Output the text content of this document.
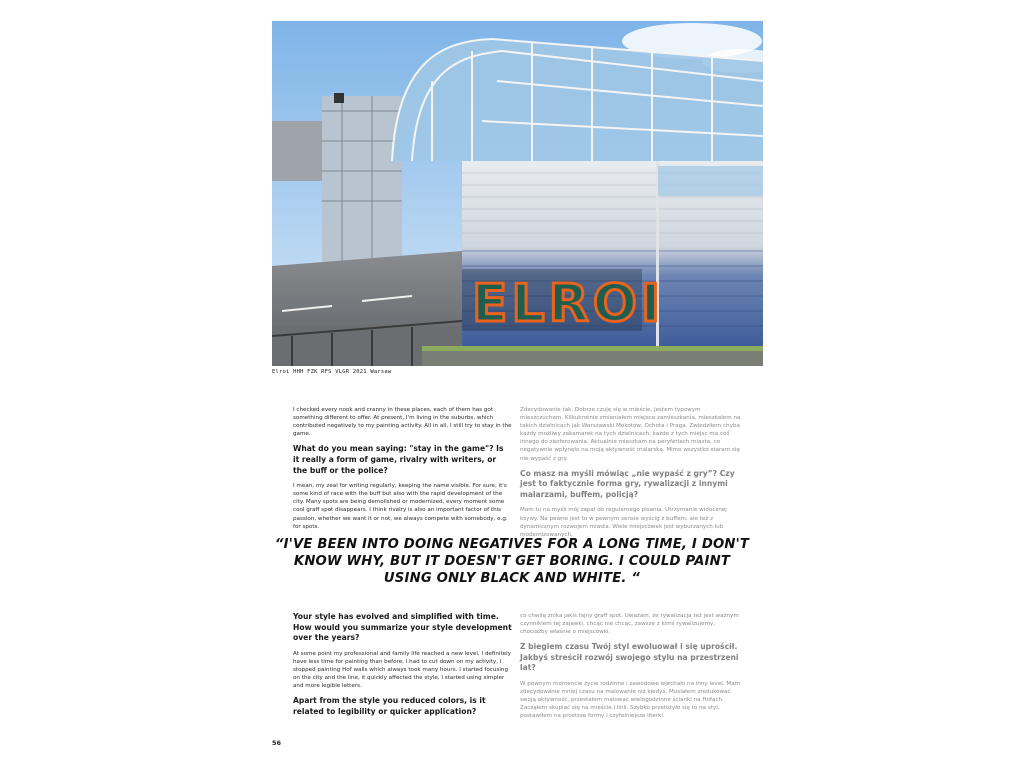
ELROI
Elroi HHH FZK RFS VLGR 2021 Warsaw

I checked every nook and cranny in these places, each of them has got something different to offer. At present, I'm living in the suburbs, which contributed negatively to my painting activity. All in all, I still try to stay in the game.

What do you mean saying: "stay in the game"? Is it really a form of game, rivalry with writers, or the buff or the police?

I mean, my zeal for writing regularly, keeping the name visible. For sure, it's some kind of race with the buff but also with the rapid development of the city. Many spots are being demolished or modernized, every moment some cool graff spot disappears. I think rivalry is also an important factor of this passion, whether we want it or not, we always compete with somebody, e.g. for spots.

Zdecydowanie tak. Dobrze czuję się w mieście, jestem typowym mieszczuchem. Kilkukrotnie zmieniałem miejsce zamieszkania, mieszkałem na takich dzielnicach jak Warszawski Mokotów, Ochota i Praga. Zwiedziłem chyba każdy możliwy zakamarek na tych dzielnicach, każde z tych miejsc ma coś innego do zaoferowania. Aktualnie mieszkam na peryferiach miasta, co negatywnie wpłynęło na moją aktywność malarską. Mimo wszystko staram się nie wypaść z gry.

Co masz na myśli mówiąc „nie wypaść z gry”? Czy jest to faktycznie forma gry, rywalizacji z innymi malarzami, buffem, policją?

Mam tu na myśli mój zapał do regularnego pisania. Utrzymanie widocznej ksywy. Na pewno jest to w pewnym sensie wyścig z buffem, ale też z dynamicznym rozwojem miasta. Wiele miejscówek jest wyburzanych lub modernizowanych,

“I'VE BEEN INTO DOING NEGATIVES FOR A LONG TIME, I DON'T KNOW WHY, BUT IT DOESN'T GET BORING. I COULD PAINT USING ONLY BLACK AND WHITE. “
Your style has evolved and simplified with time. How would you summarize your style development over the years?

At some point my professional and family life reached a new level, I definitely have less time for painting than before, I had to cut down on my activity, I stopped painting Hof walls which always took many hours. I started focusing on the city and the line, it quickly affected the style, I started using simpler and more legible letters.

Apart from the style you reduced colors, is it related to legibility or quicker application?

co chwilę znika jakiś fajny graff spot. Uważam, że rywalizacja też jest ważnym czynnikiem tej zajawki, chcąc nie chcąc, zawsze z kimś rywalizujemy, chociażby właśnie o miejscówki.

Z biegiem czasu Twój styl ewoluował i się uprościł. Jakbyś streścił rozwój swojego stylu na przestrzeni lat?

W pewnym momencie życie rodzinne i zawodowe wjechało na inny level. Mam zdecydowanie mniej czasu na malowanie niż kiedyś. Musiałem zredukować swoją aktywność, przestałem malować wielogodzinne ścianki na Hofach. Zacząłem skupiać się na mieście i linii. Szybko przełożyło się to na styl, postawiłem na prostsze formy i czytelniejsze literki.

56
